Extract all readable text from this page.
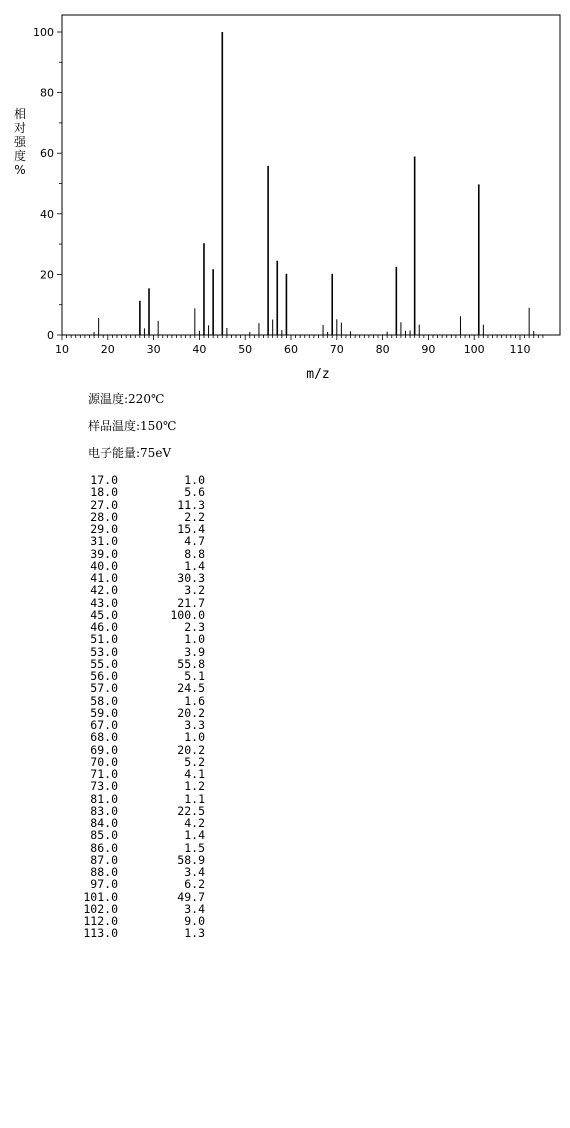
10	20	30	40	50	60	70	80	90	100 110
0
20
40
60
80
100
m/z
相
对
强
度
%
源温度:220℃
样品温度:150℃
电子能量:75eV
17.0	1.0
18.0	5.6
27.0	11.3
28.0	2.2
29.0	15.4
31.0	4.7
39.0	8.8
40.0	1.4
41.0	30.3
42.0	3.2
43.0	21.7
45.0	100.0
46.0	2.3
51.0	1.0
53.0	3.9
55.0	55.8
56.0	5.1
57.0	24.5
58.0	1.6
59.0	20.2
67.0	3.3
68.0	1.0
69.0	20.2
70.0	5.2
71.0	4.1
73.0	1.2
81.0	1.1
83.0	22.5
84.0	4.2
85.0	1.4
86.0	1.5
87.0	58.9
88.0	3.4
97.0	6.2
101.0	49.7
102.0	3.4
112.0	9.0
113.0	1.3
